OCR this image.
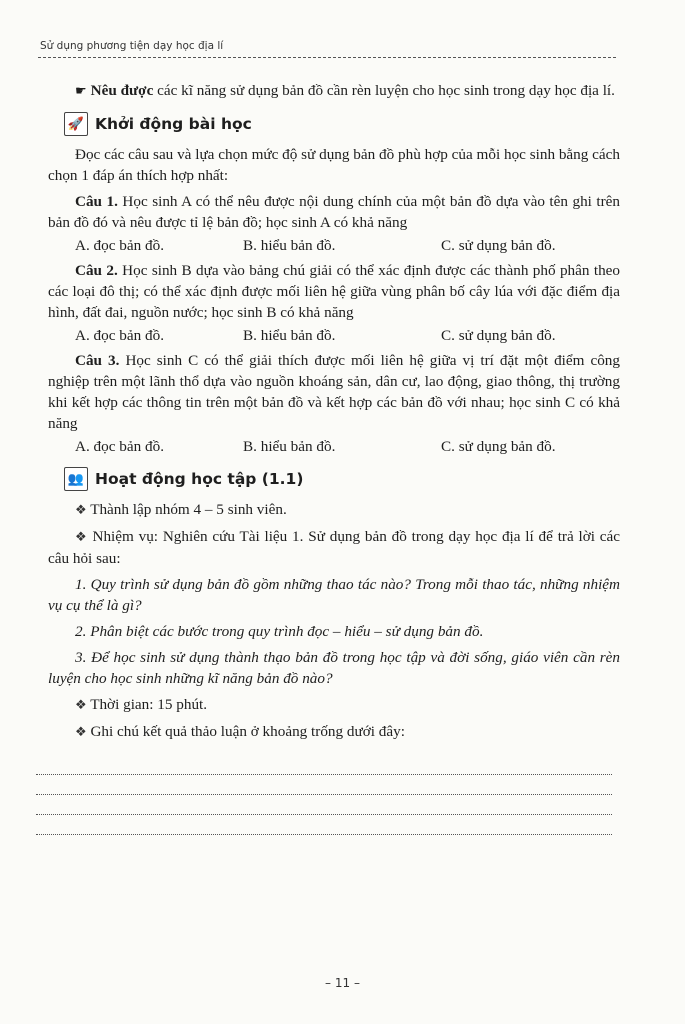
Sử dụng phương tiện dạy học địa lí

☛ Nêu được các kĩ năng sử dụng bản đồ cần rèn luyện cho học sinh trong dạy học địa lí.

🚀 Khởi động bài học

Đọc các câu sau và lựa chọn mức độ sử dụng bản đồ phù hợp của mỗi học sinh bằng cách chọn 1 đáp án thích hợp nhất:

Câu 1. Học sinh A có thể nêu được nội dung chính của một bản đồ dựa vào tên ghi trên bản đồ đó và nêu được tỉ lệ bản đồ; học sinh A có khả năng

A. đọc bản đồ.	B. hiểu bản đồ.	C. sử dụng bản đồ.

Câu 2. Học sinh B dựa vào bảng chú giải có thể xác định được các thành phố phân theo các loại đô thị; có thể xác định được mối liên hệ giữa vùng phân bố cây lúa với đặc điểm địa hình, đất đai, nguồn nước; học sinh B có khả năng

A. đọc bản đồ.	B. hiểu bản đồ.	C. sử dụng bản đồ.

Câu 3. Học sinh C có thể giải thích được mối liên hệ giữa vị trí đặt một điểm công nghiệp trên một lãnh thổ dựa vào nguồn khoáng sản, dân cư, lao động, giao thông, thị trường khi kết hợp các thông tin trên một bản đồ và kết hợp các bản đồ với nhau; học sinh C có khả năng

A. đọc bản đồ.	B. hiểu bản đồ.	C. sử dụng bản đồ.
👥 Hoạt động học tập (1.1)

❖ Thành lập nhóm 4 – 5 sinh viên.

❖ Nhiệm vụ: Nghiên cứu Tài liệu 1. Sử dụng bản đồ trong dạy học địa lí để trả lời các câu hỏi sau:

1. Quy trình sử dụng bản đồ gồm những thao tác nào? Trong mỗi thao tác, những nhiệm vụ cụ thể là gì?

2. Phân biệt các bước trong quy trình đọc – hiểu – sử dụng bản đồ.

3. Để học sinh sử dụng thành thạo bản đồ trong học tập và đời sống, giáo viên cần rèn luyện cho học sinh những kĩ năng bản đồ nào?

❖ Thời gian: 15 phút.

❖ Ghi chú kết quả thảo luận ở khoảng trống dưới đây:

– 11 –
